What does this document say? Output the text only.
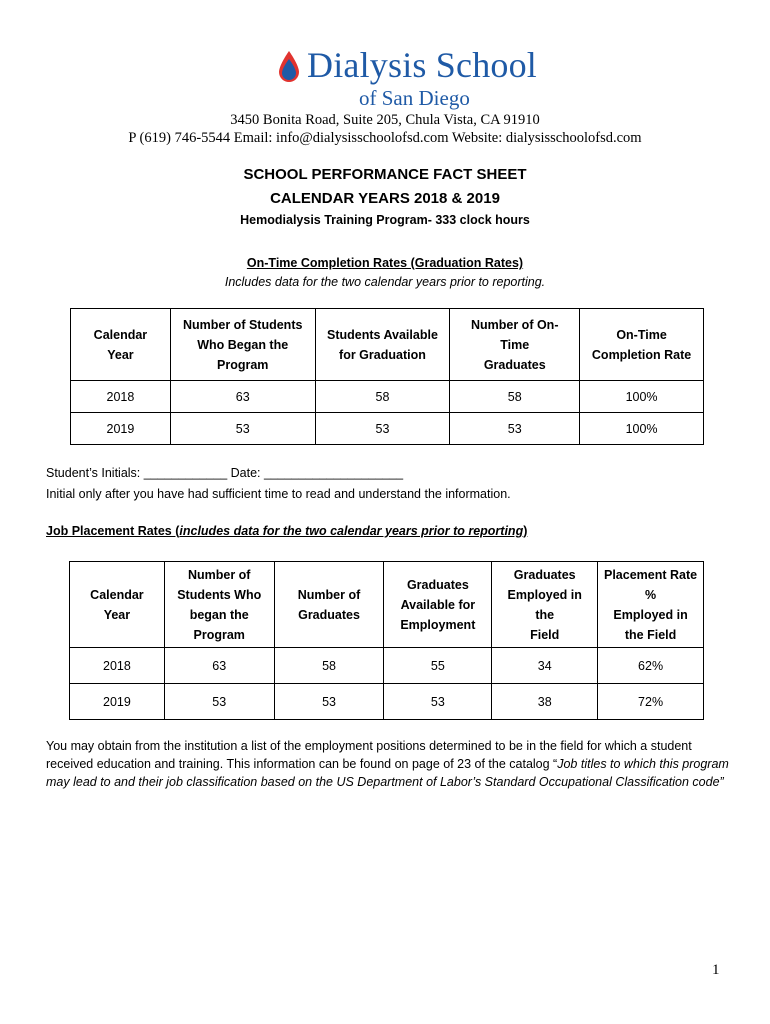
Dialysis School
of San Diego
3450 Bonita Road, Suite 205, Chula Vista, CA 91910
P (619) 746-5544 Email: info@dialysisschoolofsd.com Website: dialysisschoolofsd.com
SCHOOL PERFORMANCE FACT SHEET
CALENDAR YEARS 2018 & 2019
Hemodialysis Training Program- 333 clock hours
On-Time Completion Rates (Graduation Rates)
Includes data for the two calendar years prior to reporting.
Calendar
Year	Number of Students
Who Began the
Program	Students Available
for Graduation	Number of On-
Time
Graduates	On-Time
Completion Rate
2018	63	58	58	100%
2019	53	53	53	100%
Student’s Initials: ____________ Date: ____________________
Initial only after you have had sufficient time to read and understand the information.
Job Placement Rates (includes data for the two calendar years prior to reporting)
Calendar
Year	Number of
Students Who
began the
Program	Number of
Graduates	Graduates
Available for
Employment	Graduates
Employed in
the
Field	Placement Rate
%
Employed in
the Field
2018	63	58	55	34	62%
2019	53	53	53	38	72%
You may obtain from the institution a list of the employment positions determined to be in the field for which a student received education and training. This information can be found on page of 23 of the catalog “Job titles to which this program may lead to and their job classification based on the US Department of Labor’s Standard Occupational Classification code”
1
